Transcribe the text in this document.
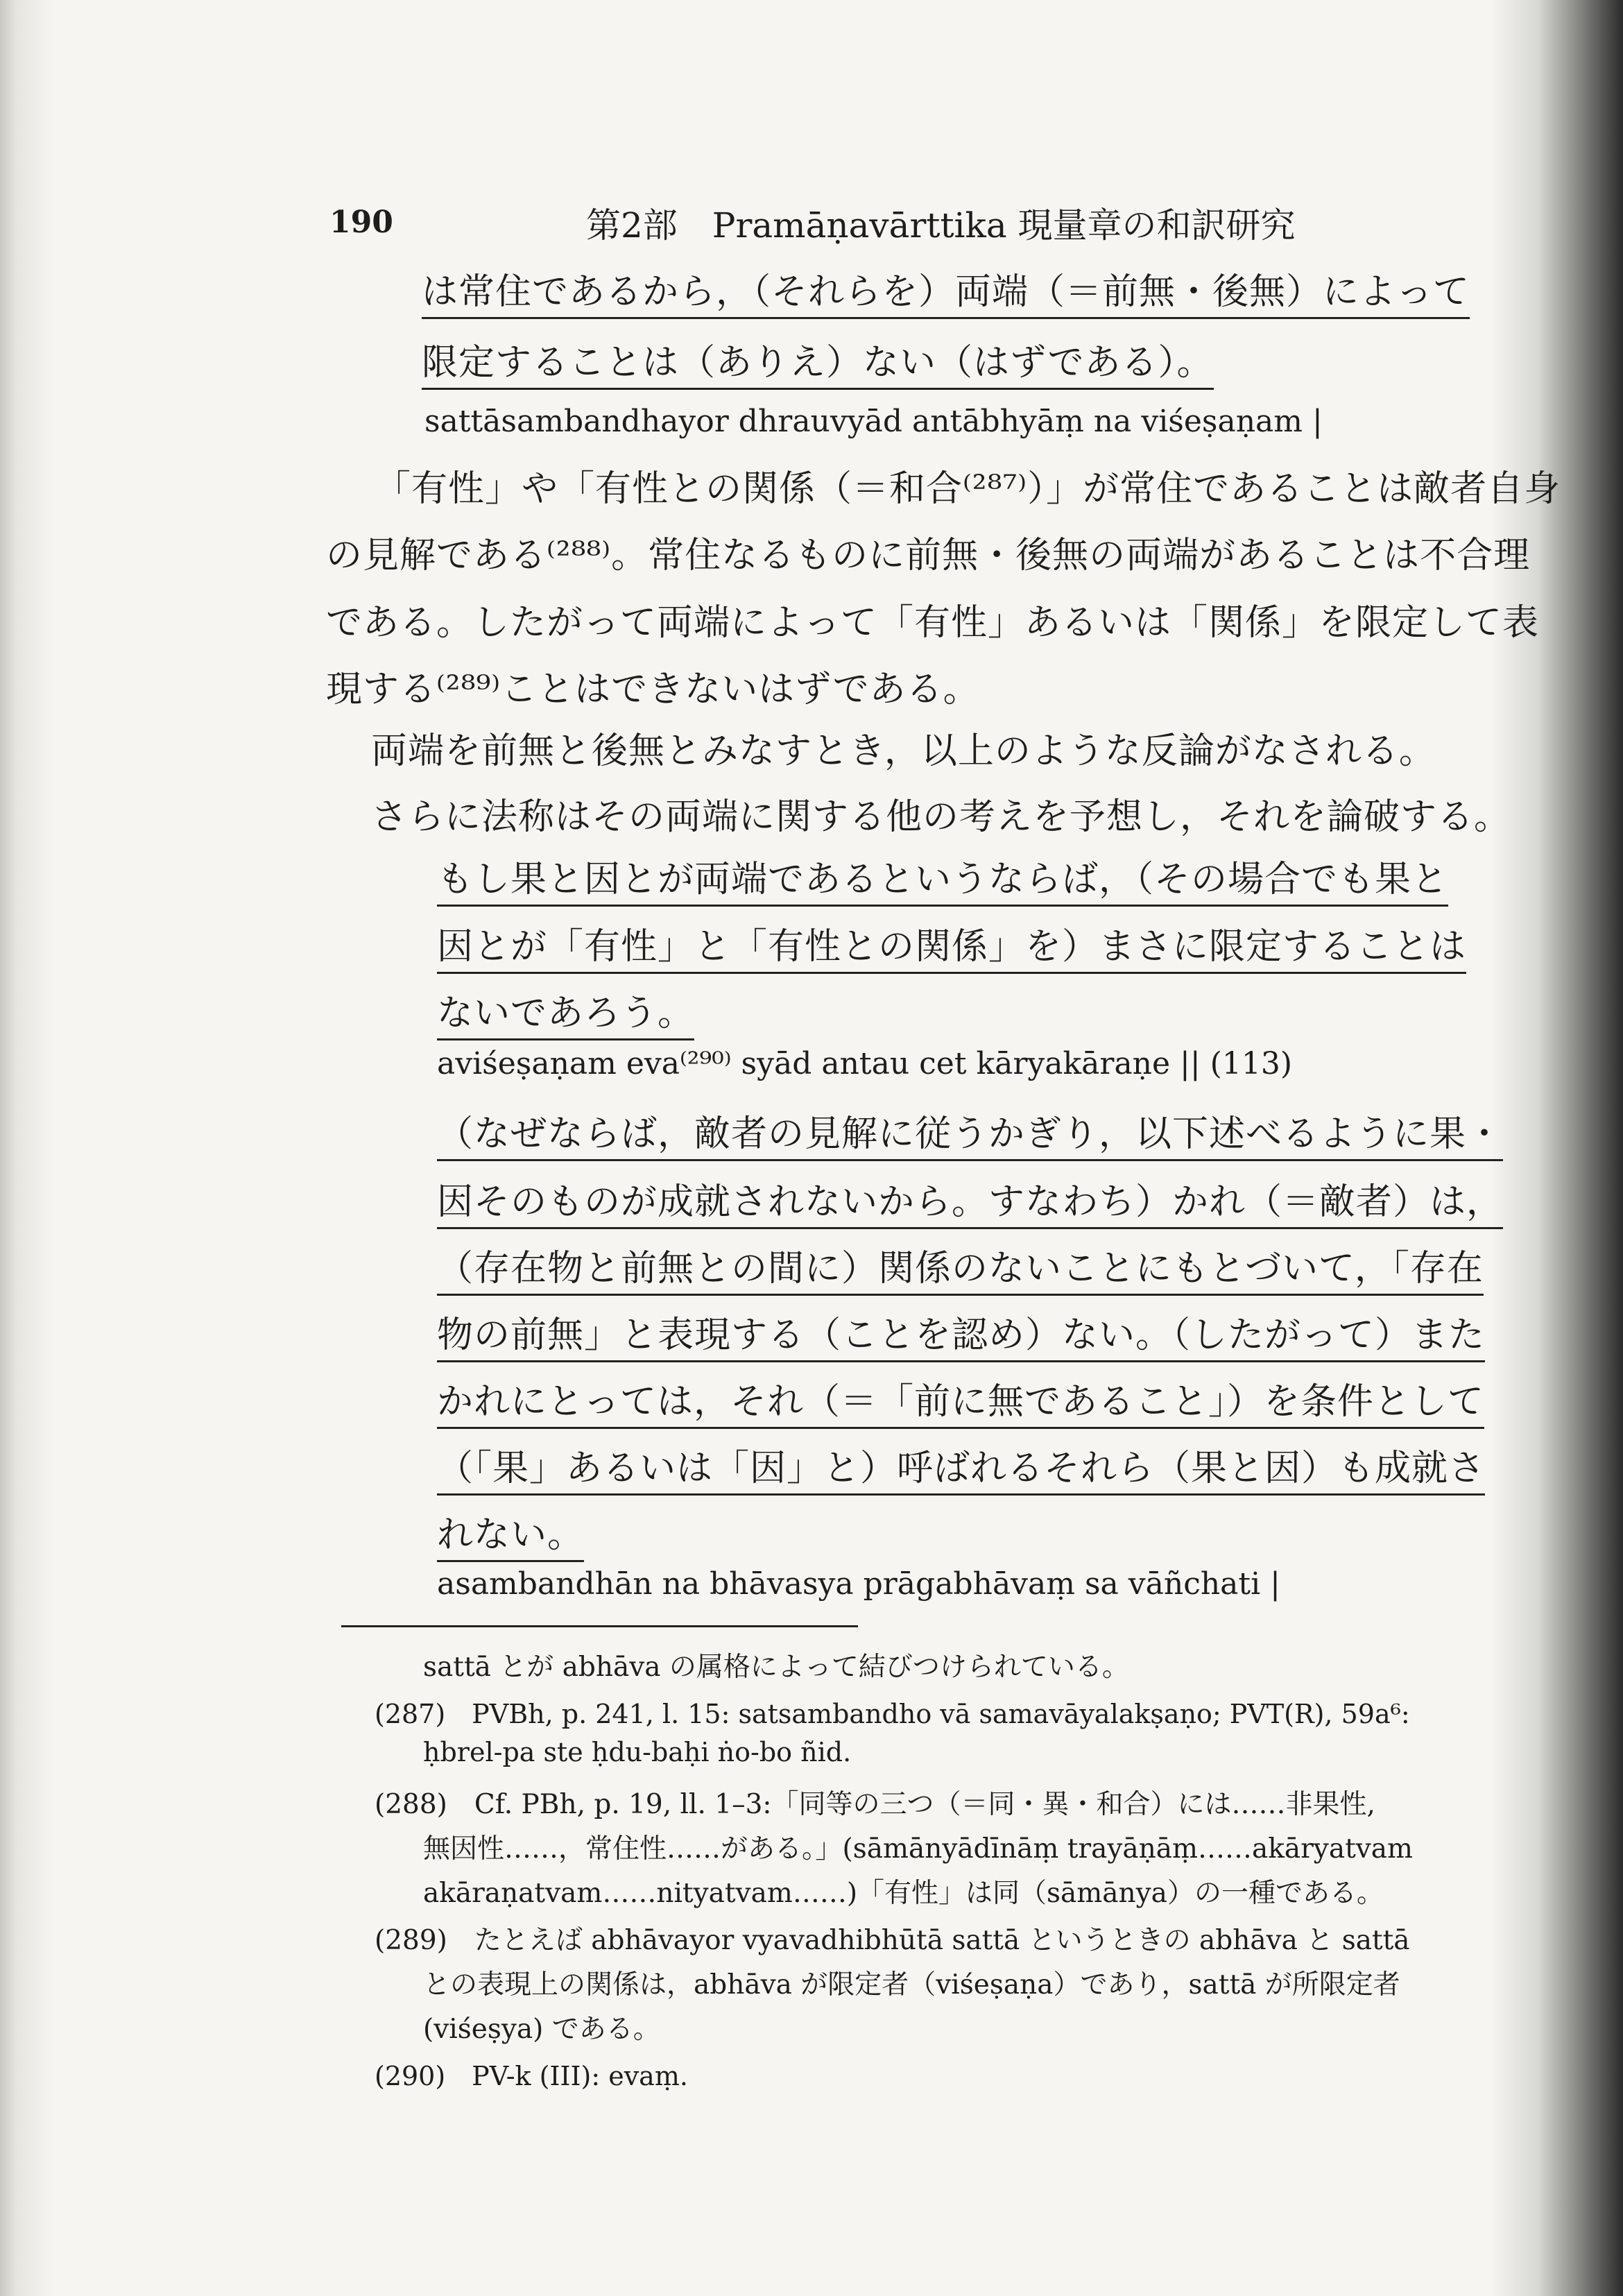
190	第2部　Pramāṇavārttika 現量章の和訳研究
は常住であるから，（それらを）両端（＝前無・後無）によって
限定することは（ありえ）ない（はずである）。
sattāsambandhayor dhrauvyād antābhyāṃ na viśeṣaṇam |
「有性」や「有性との関係（＝和合⁽²⁸⁷⁾）」が常住であることは敵者自身
の見解である⁽²⁸⁸⁾。常住なるものに前無・後無の両端があることは不合理
である。したがって両端によって「有性」あるいは「関係」を限定して表
現する⁽²⁸⁹⁾ことはできないはずである。
両端を前無と後無とみなすとき，以上のような反論がなされる。
さらに法称はその両端に関する他の考えを予想し，それを論破する。
もし果と因とが両端であるというならば，（その場合でも果と
因とが「有性」と「有性との関係」を）まさに限定することは
ないであろう。
aviśeṣaṇam eva⁽²⁹⁰⁾ syād antau cet kāryakāraṇe || (113)
（なぜならば，敵者の見解に従うかぎり，以下述べるように果・
因そのものが成就されないから。すなわち）かれ（＝敵者）は，
（存在物と前無との間に）関係のないことにもとづいて，「存在
物の前無」と表現する（ことを認め）ない。（したがって）また
かれにとっては，それ（＝「前に無であること」）を条件として
（「果」あるいは「因」と）呼ばれるそれら（果と因）も成就さ
れない。
asambandhān na bhāvasya prāgabhāvaṃ sa vāñchati |
sattā とが abhāva の属格によって結びつけられている。
(287)　PVBh, p. 241, l. 15: satsambandho vā samavāyalakṣaṇo; PVT(R), 59a⁶:
ḥbrel-pa ste ḥdu-baḥi ṅo-bo ñid.
(288)　Cf. PBh, p. 19, ll. 1–3:「同等の三つ（＝同・異・和合）には……非果性,
無因性……，常住性……がある。」(sāmānyādīnāṃ trayāṇāṃ……akāryatvam
akāraṇatvam……nityatvam……)「有性」は同（sāmānya）の一種である。
(289)　たとえば abhāvayor vyavadhibhūtā sattā というときの abhāva と sattā
との表現上の関係は，abhāva が限定者（viśeṣaṇa）であり，sattā が所限定者
(viśeṣya) である。
(290)　PV-k (III): evaṃ.
